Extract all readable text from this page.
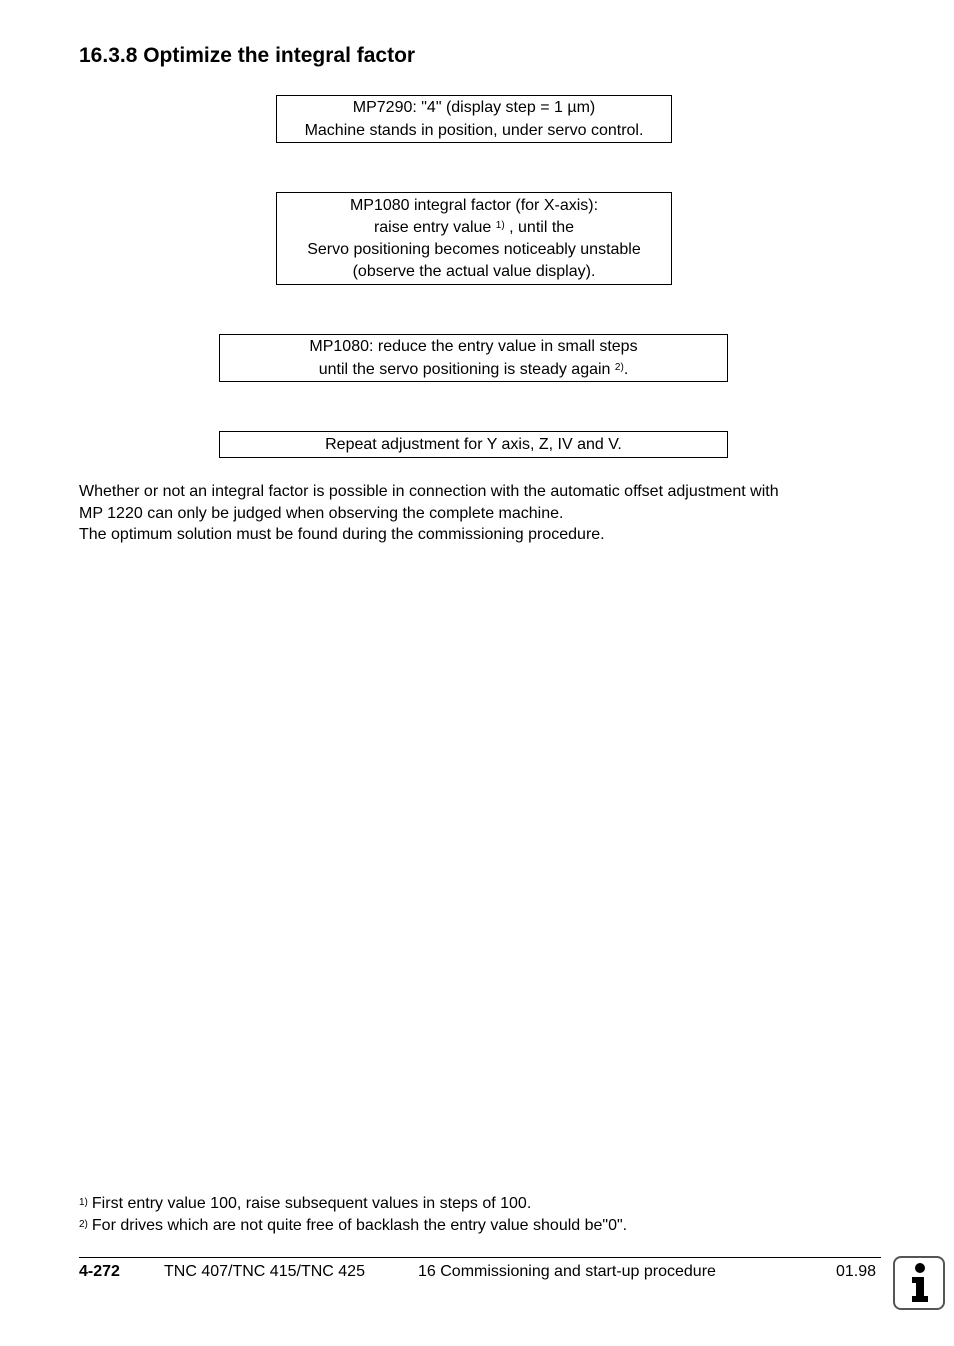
16.3.8 Optimize the integral factor
MP7290: "4" (display step = 1 µm)
Machine stands in position, under servo control.
MP1080 integral factor (for X-axis):
raise entry value $^{1)}$ , until the
Servo positioning becomes noticeably unstable
(observe the actual value display).
MP1080: reduce the entry value in small steps
until the servo positioning is steady again $^{2)}$.
Repeat adjustment for Y axis, Z, IV and V.
Whether or not an integral factor is possible in connection with the automatic offset adjustment with
MP 1220 can only be judged when observing the complete machine.
The optimum solution must be found during the commissioning procedure.
$^{1)}$ First entry value 100, raise subsequent values in steps of 100.
$^{2)}$ For drives which are not quite free of backlash the entry value should be"0".
4-272	TNC 407/TNC 415/TNC 425	16 Commissioning and start-up procedure	01.98
